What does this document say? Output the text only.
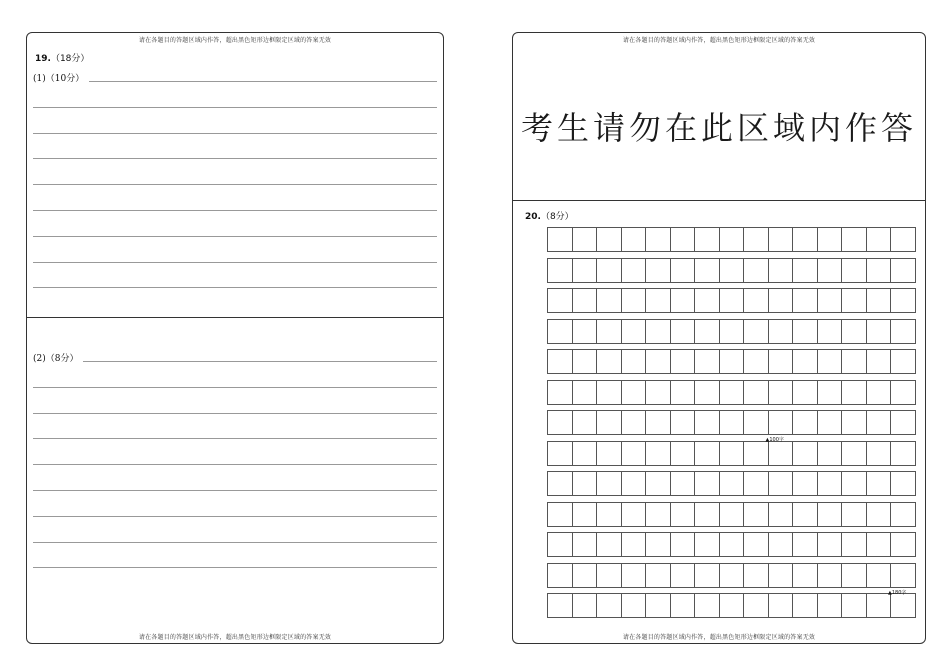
请在各题目的答题区域内作答，超出黑色矩形边框限定区域的答案无效
19.（18分）
(1)（10分）
(2)（8分）
请在各题目的答题区域内作答，超出黑色矩形边框限定区域的答案无效
请在各题目的答题区域内作答，超出黑色矩形边框限定区域的答案无效
考生请勿在此区域内作答
20.（8分）
▲100字
▲180字
请在各题目的答题区域内作答，超出黑色矩形边框限定区域的答案无效
